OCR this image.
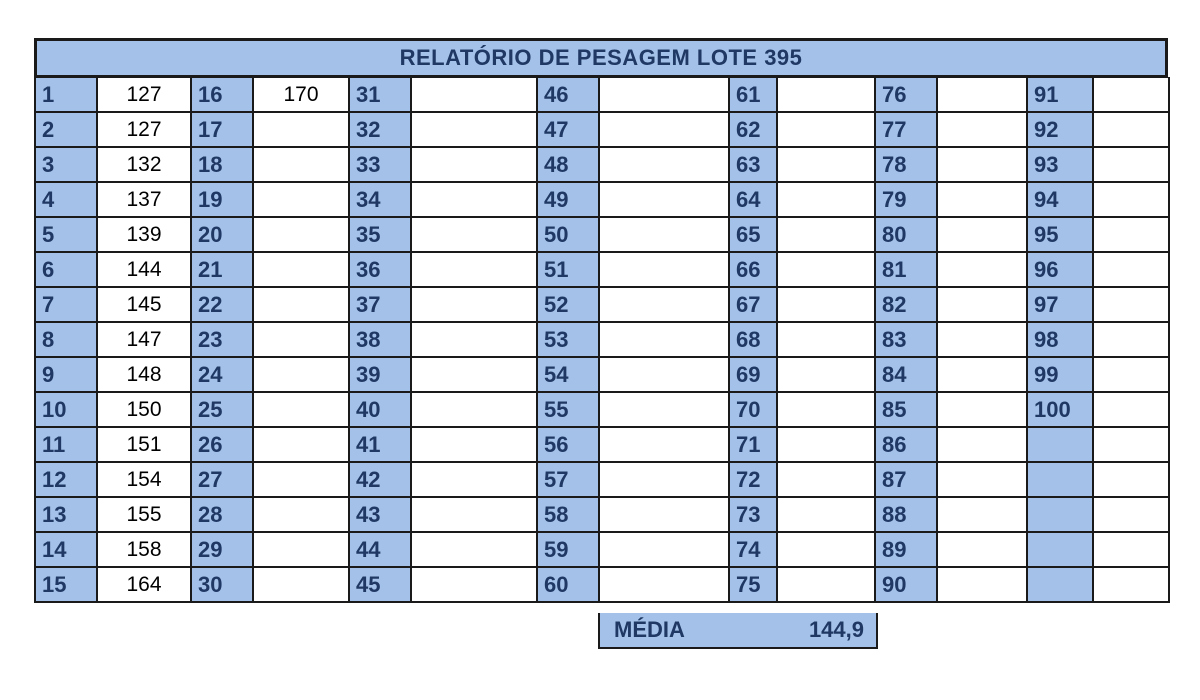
RELATÓRIO DE PESAGEM LOTE 395
1	127	16	170	31		46		61		76		91	
2	127	17		32		47		62		77		92	
3	132	18		33		48		63		78		93	
4	137	19		34		49		64		79		94	
5	139	20		35		50		65		80		95	
6	144	21		36		51		66		81		96	
7	145	22		37		52		67		82		97	
8	147	23		38		53		68		83		98	
9	148	24		39		54		69		84		99	
10	150	25		40		55		70		85		100	
11	151	26		41		56		71		86			
12	154	27		42		57		72		87			
13	155	28		43		58		73		88			
14	158	29		44		59		74		89			
15	164	30		45		60		75		90			
MÉDIA	144,9
